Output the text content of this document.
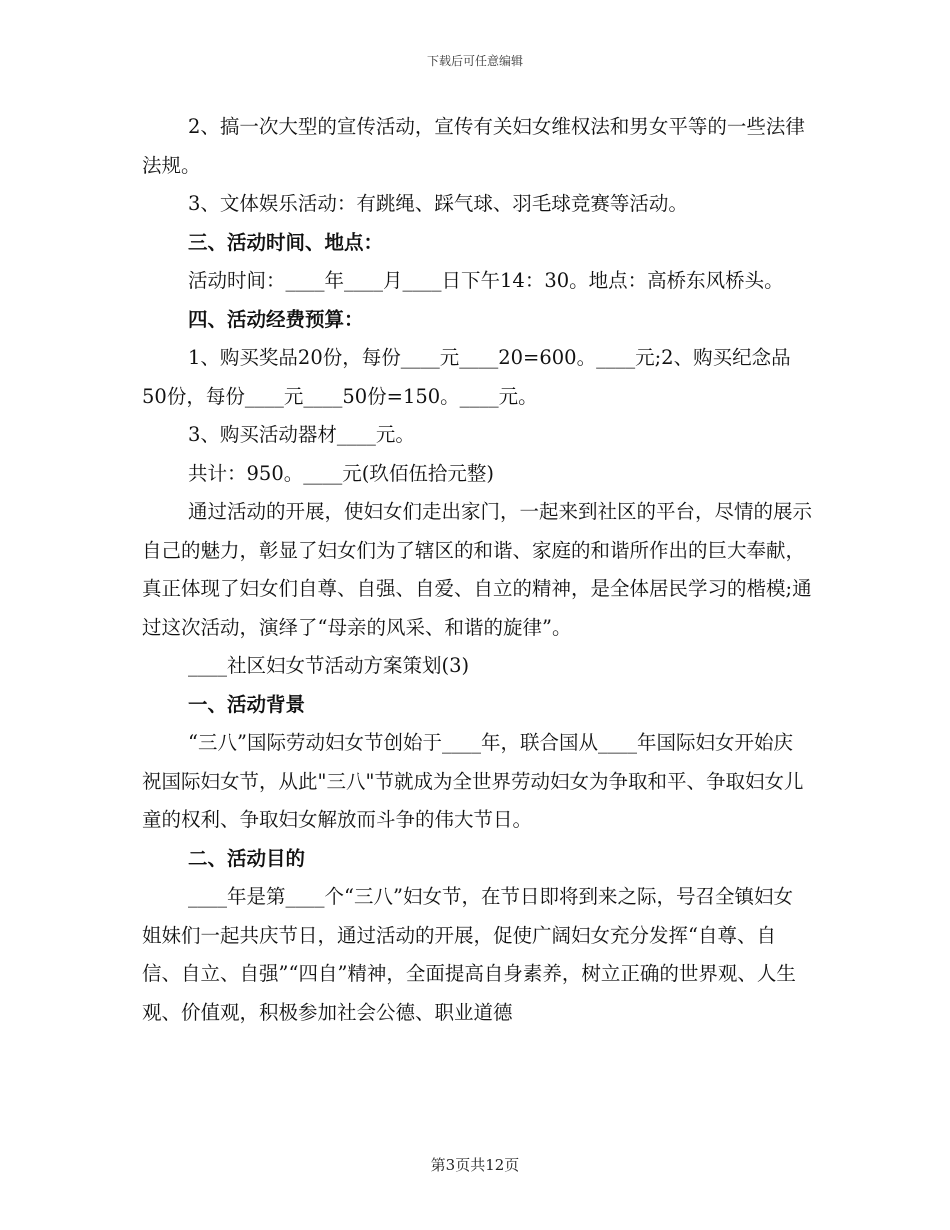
下载后可任意编辑

2、搞一次大型的宣传活动，宣传有关妇女维权法和男女平等的一些法律法规。

3、文体娱乐活动：有跳绳、踩气球、羽毛球竞赛等活动。

三、活动时间、地点：

活动时间：____年____月____日下午14：30。地点：高桥东风桥头。

四、活动经费预算：

1、购买奖品20份，每份____元____20=600。____元;2、购买纪念品50份，每份____元____50份=150。____元。

3、购买活动器材____元。

共计：950。____元(玖佰伍拾元整)

通过活动的开展，使妇女们走出家门，一起来到社区的平台，尽情的展示自己的魅力，彰显了妇女们为了辖区的和谐、家庭的和谐所作出的巨大奉献，真正体现了妇女们自尊、自强、自爱、自立的精神，是全体居民学习的楷模;通过这次活动，演绎了“母亲的风采、和谐的旋律”。

____社区妇女节活动方案策划(3)

一、活动背景

“三八”国际劳动妇女节创始于____年，联合国从____年国际妇女开始庆祝国际妇女节，从此"三八"节就成为全世界劳动妇女为争取和平、争取妇女儿童的权利、争取妇女解放而斗争的伟大节日。

二、活动目的

____年是第____个“三八”妇女节，在节日即将到来之际，号召全镇妇女姐妹们一起共庆节日，通过活动的开展，促使广阔妇女充分发挥“自尊、自信、自立、自强”“四自”精神，全面提高自身素养，树立正确的世界观、人生观、价值观，积极参加社会公德、职业道德

第3页共12页
